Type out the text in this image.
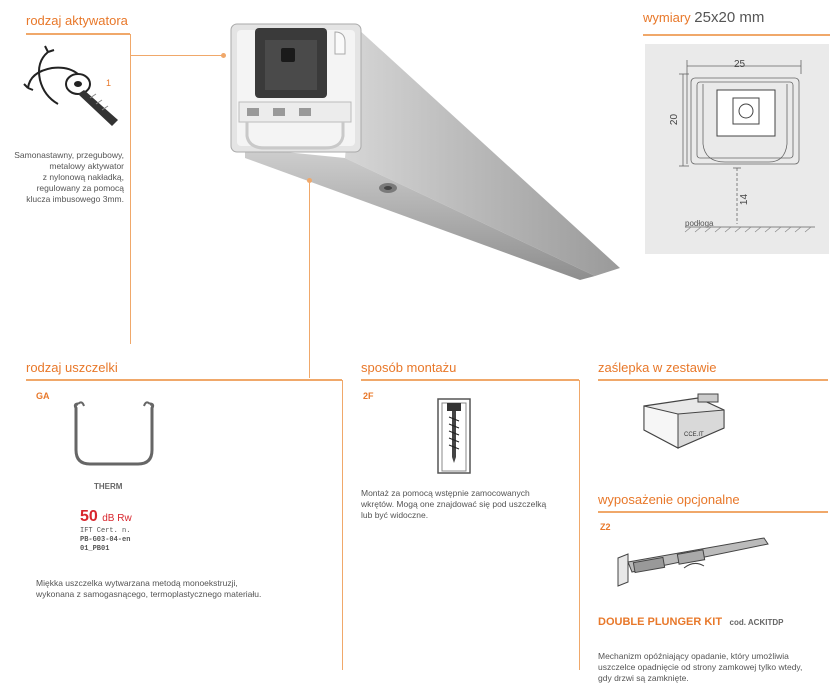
rodzaj aktywatora
1
Samonastawny, przegubowy,
metalowy aktywator
z nylonową nakładką,
regulowany za pomocą
klucza imbusowego 3mm.
wymiary 25x20 mm
25
20
14
podłoga
rodzaj uszczelki
GA
THERM
50 dB Rw
IFT Cert. n.
PB-G03-04-en
01_PB01
Miękka uszczelka wytwarzana metodą monoekstruzji,
wykonana z samogasnącego, termoplastycznego materiału.
sposób montażu
2F
Montaż za pomocą wstępnie zamocowanych
wkrętów. Mogą one znajdować się pod uszczelką
lub być widoczne.
zaślepka w zestawie
CCE.IT
wyposażenie opcjonalne
Z2
DOUBLE PLUNGER KIT cod. ACKITDP
Mechanizm opóźniający opadanie, który umożliwia
uszczelce opadnięcie od strony zamkowej tylko wtedy,
gdy drzwi są zamknięte.
